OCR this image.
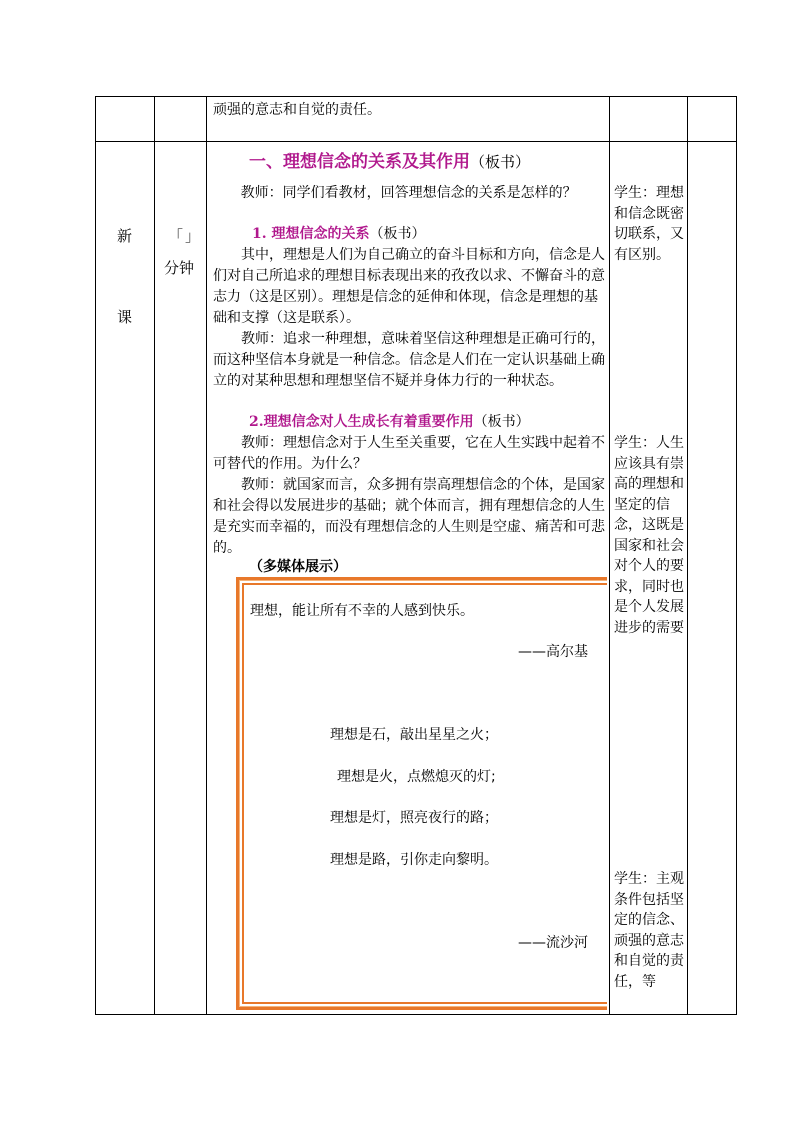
顽强的意志和自觉的责任。
新
课
「」
分钟
一、理想信念的关系及其作用（板书）

教师：同学们看教材，回答理想信念的关系是怎样的？

1. 理想信念的关系（板书）

其中，理想是人们为自己确立的奋斗目标和方向，信念是人们对自己所追求的理想目标表现出来的孜孜以求、不懈奋斗的意志力（这是区别）。理想是信念的延伸和体现，信念是理想的基础和支撑（这是联系）。

教师：追求一种理想，意味着坚信这种理想是正确可行的，而这种坚信本身就是一种信念。信念是人们在一定认识基础上确立的对某种思想和理想坚信不疑并身体力行的一种状态。

2.理想信念对人生成长有着重要作用（板书）

教师：理想信念对于人生至关重要，它在人生实践中起着不可替代的作用。为什么？

教师：就国家而言，众多拥有崇高理想信念的个体，是国家和社会得以发展进步的基础；就个体而言，拥有理想信念的人生是充实而幸福的，而没有理想信念的人生则是空虚、痛苦和可悲的。

（多媒体展示）
理想，能让所有不幸的人感到快乐。
——高尔基
理想是石，敲出星星之火；
理想是火，点燃熄灭的灯;
理想是灯，照亮夜行的路；
理想是路，引你走向黎明。
——流沙河

学生：理想和信念既密切联系，又有区别。

学生：人生应该具有崇高的理想和坚定的信念，这既是国家和社会对个人的要求，同时也是个人发展进步的需要

学生：主观条件包括坚定的信念、顽强的意志和自觉的责任，等
